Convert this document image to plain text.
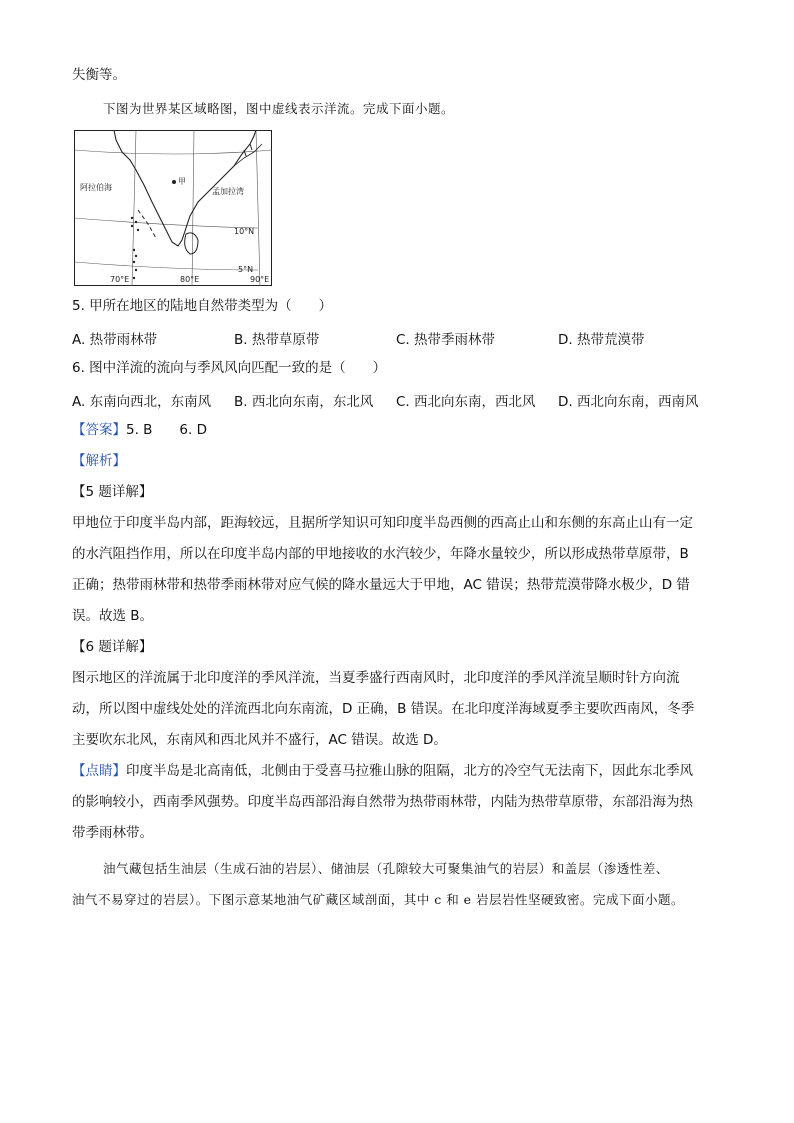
失衡等。
下图为世界某区域略图，图中虚线表示洋流。完成下面小题。
甲
阿拉伯海	孟加拉湾
10°N
5°N
70°E	80°E	90°E
5. 甲所在地区的陆地自然带类型为（　　）
A. 热带雨林带	B. 热带草原带	C. 热带季雨林带	D. 热带荒漠带
6. 图中洋流的流向与季风风向匹配一致的是（　　）
A. 东南向西北，东南风 B. 西北向东南，东北风 C. 西北向东南，西北风 D. 西北向东南，西南风
【答案】5. B　　6. D
【解析】
【5 题详解】
甲地位于印度半岛内部，距海较远，且据所学知识可知印度半岛西侧的西高止山和东侧的东高止山有一定
的水汽阻挡作用，所以在印度半岛内部的甲地接收的水汽较少，年降水量较少，所以形成热带草原带，B
正确；热带雨林带和热带季雨林带对应气候的降水量远大于甲地，AC 错误；热带荒漠带降水极少，D 错
误。故选 B。
【6 题详解】
图示地区的洋流属于北印度洋的季风洋流，当夏季盛行西南风时，北印度洋的季风洋流呈顺时针方向流
动，所以图中虚线处处的洋流西北向东南流，D 正确，B 错误。在北印度洋海域夏季主要吹西南风，冬季
主要吹东北风，东南风和西北风并不盛行，AC 错误。故选 D。
【点睛】印度半岛是北高南低，北侧由于受喜马拉雅山脉的阻隔，北方的冷空气无法南下，因此东北季风
的影响较小，西南季风强势。印度半岛西部沿海自然带为热带雨林带，内陆为热带草原带，东部沿海为热
带季雨林带。
油气藏包括生油层（生成石油的岩层）、储油层（孔隙较大可聚集油气的岩层）和盖层（渗透性差、
油气不易穿过的岩层）。下图示意某地油气矿藏区域剖面，其中 c 和 e 岩层岩性坚硬致密。完成下面小题。
